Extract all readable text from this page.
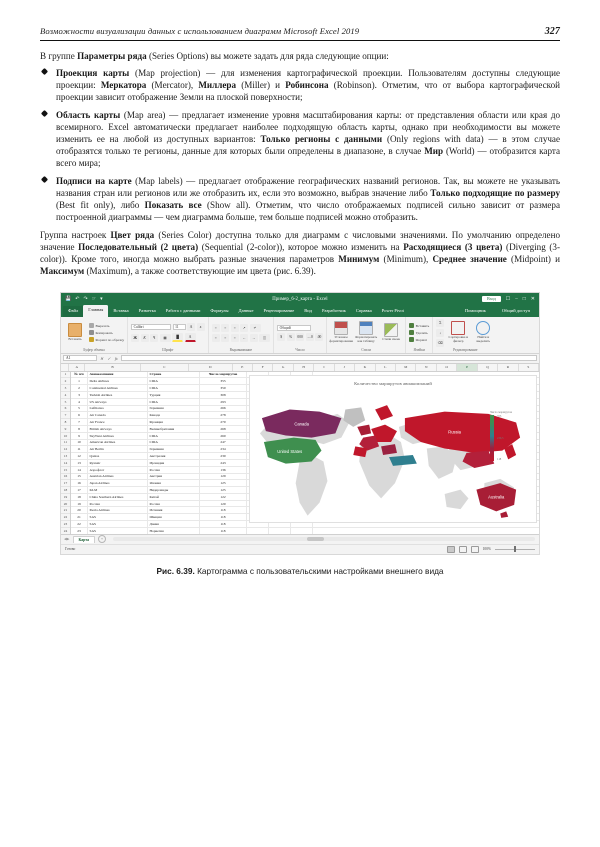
Возможности визуализации данных с использованием диаграмм Microsoft Excel 2019	327

В группе Параметры ряда (Series Options) вы можете задать для ряда следующие опции:

Проекция карты (Map projection) — для изменения картографической проекции. Пользователям доступны следующие проекции: Меркатора (Mercator), Миллера (Miller) и Робинсона (Robinson). Отметим, что от выбора картографической проекции зависит отображение Земли на плоской поверхности;
Область карты (Map area) — предлагает изменение уровня масштабирования карты: от представления области или края до всемирного. Excel автоматически предлагает наиболее подходящую область карты, однако при необходимости вы можете изменить ее на любой из доступных вариантов: Только регионы с данными (Only regions with data) — в этом случае отобразятся только те регионы, данные для которых были определены в диапазоне, в случае Мир (World) — отобразится карта всего мира;
Подписи на карте (Map labels) — предлагает отображение географических названий регионов. Так, вы можете не указывать названия стран или регионов или же отобразить их, если это возможно, выбрав значение либо Только подходящие по размеру (Best fit only), либо Показать все (Show all). Отметим, что число отображаемых подписей сильно зависит от размера построенной диаграммы — чем диаграмма больше, тем больше подписей можно отобразить.

Группа настроек Цвет ряда (Series Color) доступна только для диаграмм с числовыми значениями. По умолчанию определено значение Последовательный (2 цвета) (Sequential (2-color)), которое можно изменить на Расходящиеся (3 цвета) (Diverging (3-color)). Кроме того, иногда можно выбрать разные значения параметров Минимум (Minimum), Среднее значение (Midpoint) и Максимум (Maximum), а также соответствующие им цвета (рис. 6.39).

💾 ↶ ↷ ☞ ▾	Пример_6-2_карта - Excel	Вход	☐ – □ ✕
Файл	Главная	Вставка	Разметка	Работа с данными	Формулы	Данные	Рецензирование	Вид	Разработчик	Справка	Power Pivot	Помощник	Общий доступ
Вставить
Вырезать
Копировать
Формат по образцу
Буфер обмена
Calibri	11	A	a
Ж К	Ч	▦	█	A
Шрифт
≡	≡	≡	↗	↵
≡	≡	≡	←	→	◫
Выравнивание
Общий
$	%	000	→.0	.00
Число
Условное форматирование
Форматировать как таблицу	Стили ячеек
Стили
Вставить
Удалить
Формат
Ячейки
Σ
↓
⌫
Сортировка и фильтр
Найти и выделить
Редактирование
A1	✕ ✓ fx
A	B	C	D	E	F	G	H	I	J	K	L	M	N	O	P	Q	R	S
1
2
3
4
5
6
7
8
9
10
11
12
13
14
15
16
17
18
19
20
21
22
23
24
№ п/п	Авиакомпания	Страна	Число маршрутов
1	Delta Airlines	США	355
2	Continental Airlines	США	350
3	Turkish Airlines	Турция	308
4	US Airways	США	293
5	Lufthansa	Германия	266
6	Air Canada	Канада	278
7	Air France	Франция	270
8	British Airways	Великобритания	268
9	SkyWest Airlines	США	260
10	American Airlines	США	247
11	Air Berlin	Германия	234
12	Qantas	Австралия	230
13	Ryanair	Ирландия	243
14	Аэрофлот	Россия	136
15	Austrian Airlines	Австрия	129
16	Japan Airlines	Япония	125
17	KLM	Нидерланды	125
18	China Southern Airlines	Китай	122
19	Россия	Россия	120
20	Iberia Airlines	Испания	118
21	SAS	Швеция	118
22	SAS	Дания	118
23	SAS	Норвегия	118
Количество маршрутов авиакомпаний
United States
Canada
Russia
Australia
Число маршрутов
355
236,5
118
◀▶	Карта	+
Готово	100%
Рис. 6.39. Картограмма с пользовательскими настройками внешнего вида
